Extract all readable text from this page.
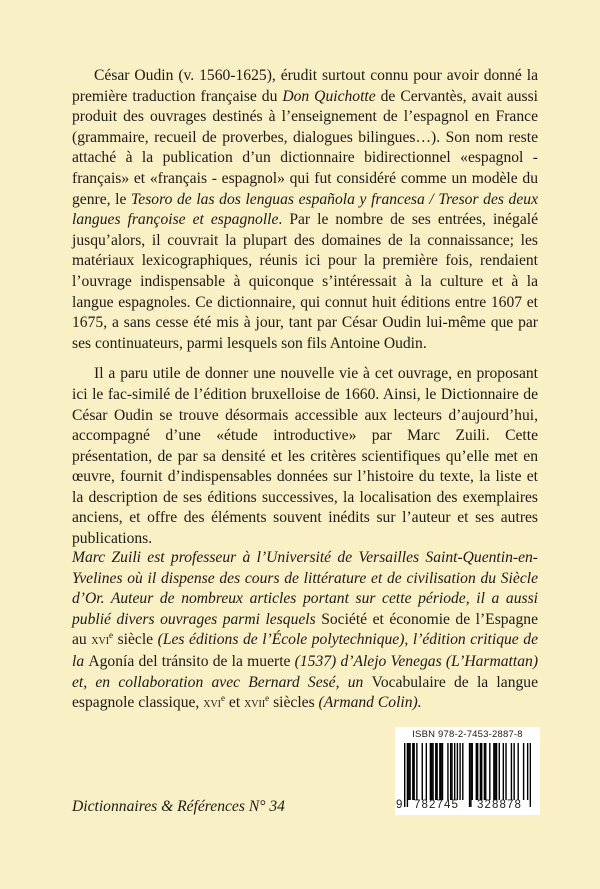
César Oudin (v. 1560-1625), érudit surtout connu pour avoir donné la première traduction française du Don Quichotte de Cervantès, avait aussi produit des ouvrages destinés à l’enseignement de l’espagnol en France (grammaire, recueil de proverbes, dialogues bilingues…). Son nom reste attaché à la publication d’un dictionnaire bidirectionnel «espagnol - français» et «français - espagnol» qui fut considéré comme un modèle du genre, le Tesoro de las dos lenguas española y francesa / Tresor des deux langues françoise et espagnolle. Par le nombre de ses entrées, inégalé jusqu’alors, il couvrait la plupart des domaines de la connaissance; les matériaux lexicographiques, réunis ici pour la première fois, rendaient l’ouvrage indispensable à quiconque s’intéressait à la culture et à la langue espagnoles. Ce dictionnaire, qui connut huit éditions entre 1607 et 1675, a sans cesse été mis à jour, tant par César Oudin lui-même que par ses continuateurs, parmi lesquels son fils Antoine Oudin.

Il a paru utile de donner une nouvelle vie à cet ouvrage, en proposant ici le fac-similé de l’édition bruxelloise de 1660. Ainsi, le Dictionnaire de César Oudin se trouve désormais accessible aux lecteurs d’aujourd’hui, accompagné d’une «étude introductive» par Marc Zuili. Cette présentation, de par sa densité et les critères scientifiques qu’elle met en œuvre, fournit d’indispensables données sur l’histoire du texte, la liste et la description de ses éditions successives, la localisation des exemplaires anciens, et offre des éléments souvent inédits sur l’auteur et ses autres publications.

Marc Zuili est professeur à l’Université de Versailles Saint-Quentin-en-Yvelines où il dispense des cours de littérature et de civilisation du Siècle d’Or. Auteur de nombreux articles portant sur cette période, il a aussi publié divers ouvrages parmi lesquels Société et économie de l’Espagne au xvi$^e$ siècle (Les éditions de l’École polytechnique), l’édition critique de la Agonía del tránsito de la muerte (1537) d’Alejo Venegas (L’Harmattan) et, en collaboration avec Bernard Sesé, un Vocabulaire de la langue espagnole classique, xvi$^e$ et xvii$^e$ siècles (Armand Colin).

Dictionnaires & Références N° 34
ISBN 978-2-7453-2887-8
9 782745 328878
